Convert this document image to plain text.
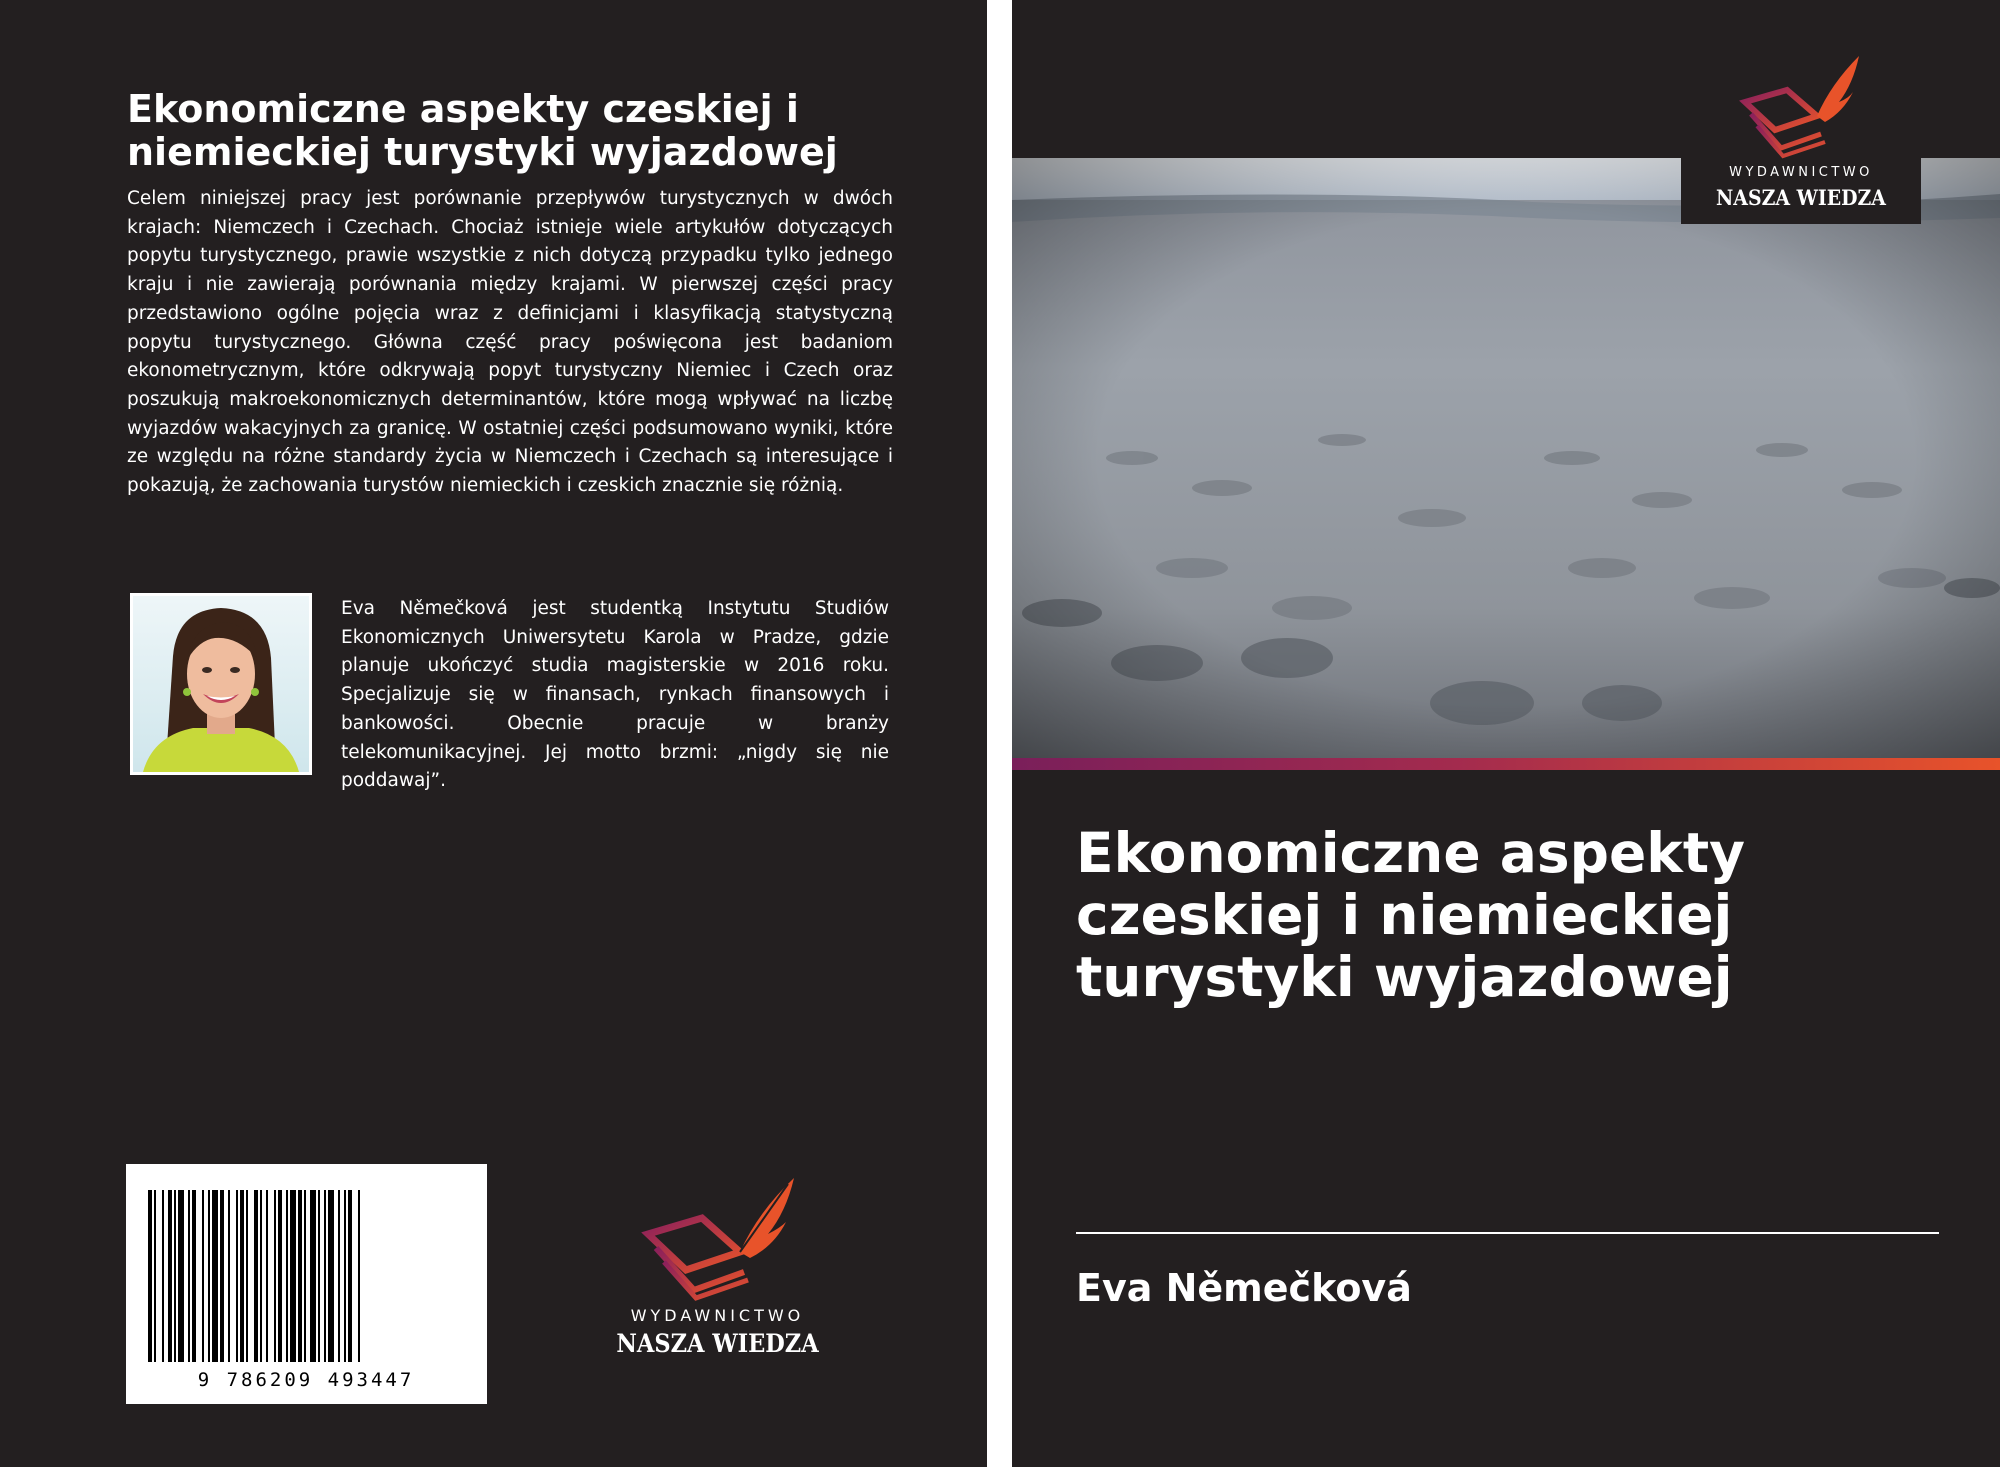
Ekonomiczne aspekty czeskiej i niemieckiej turystyki wyjazdowej

Celem niniejszej pracy jest porównanie przepływów turystycznych w dwóch krajach: Niemczech i Czechach. Chociaż istnieje wiele artykułów dotyczących popytu turystycznego, prawie wszystkie z nich dotyczą przypadku tylko jednego kraju i nie zawierają porównania między krajami. W pierwszej części pracy przedstawiono ogólne pojęcia wraz z definicjami i klasyfikacją statystyczną popytu turystycznego. Główna część pracy poświęcona jest badaniom ekonometrycznym, które odkrywają popyt turystyczny Niemiec i Czech oraz poszukują makroekonomicznych determinantów, które mogą wpływać na liczbę wyjazdów wakacyjnych za granicę. W ostatniej części podsumowano wyniki, które ze względu na różne standardy życia w Niemczech i Czechach są interesujące i pokazują, że zachowania turystów niemieckich i czeskich znacznie się różnią.

Eva Němečková jest studentką Instytutu Studiów Ekonomicznych Uniwersytetu Karola w Pradze, gdzie planuje ukończyć studia magisterskie w 2016 roku. Specjalizuje się w finansach, rynkach finansowych i bankowości. Obecnie pracuje w branży telekomunikacyjnej. Jej motto brzmi: „nigdy się nie poddawaj”.

9 786209 493447
WYDAWNICTWO
NASZA WIEDZA
WYDAWNICTWO
NASZA WIEDZA
Ekonomiczne aspekty czeskiej i niemieckiej turystyki wyjazdowej
Eva Němečková
